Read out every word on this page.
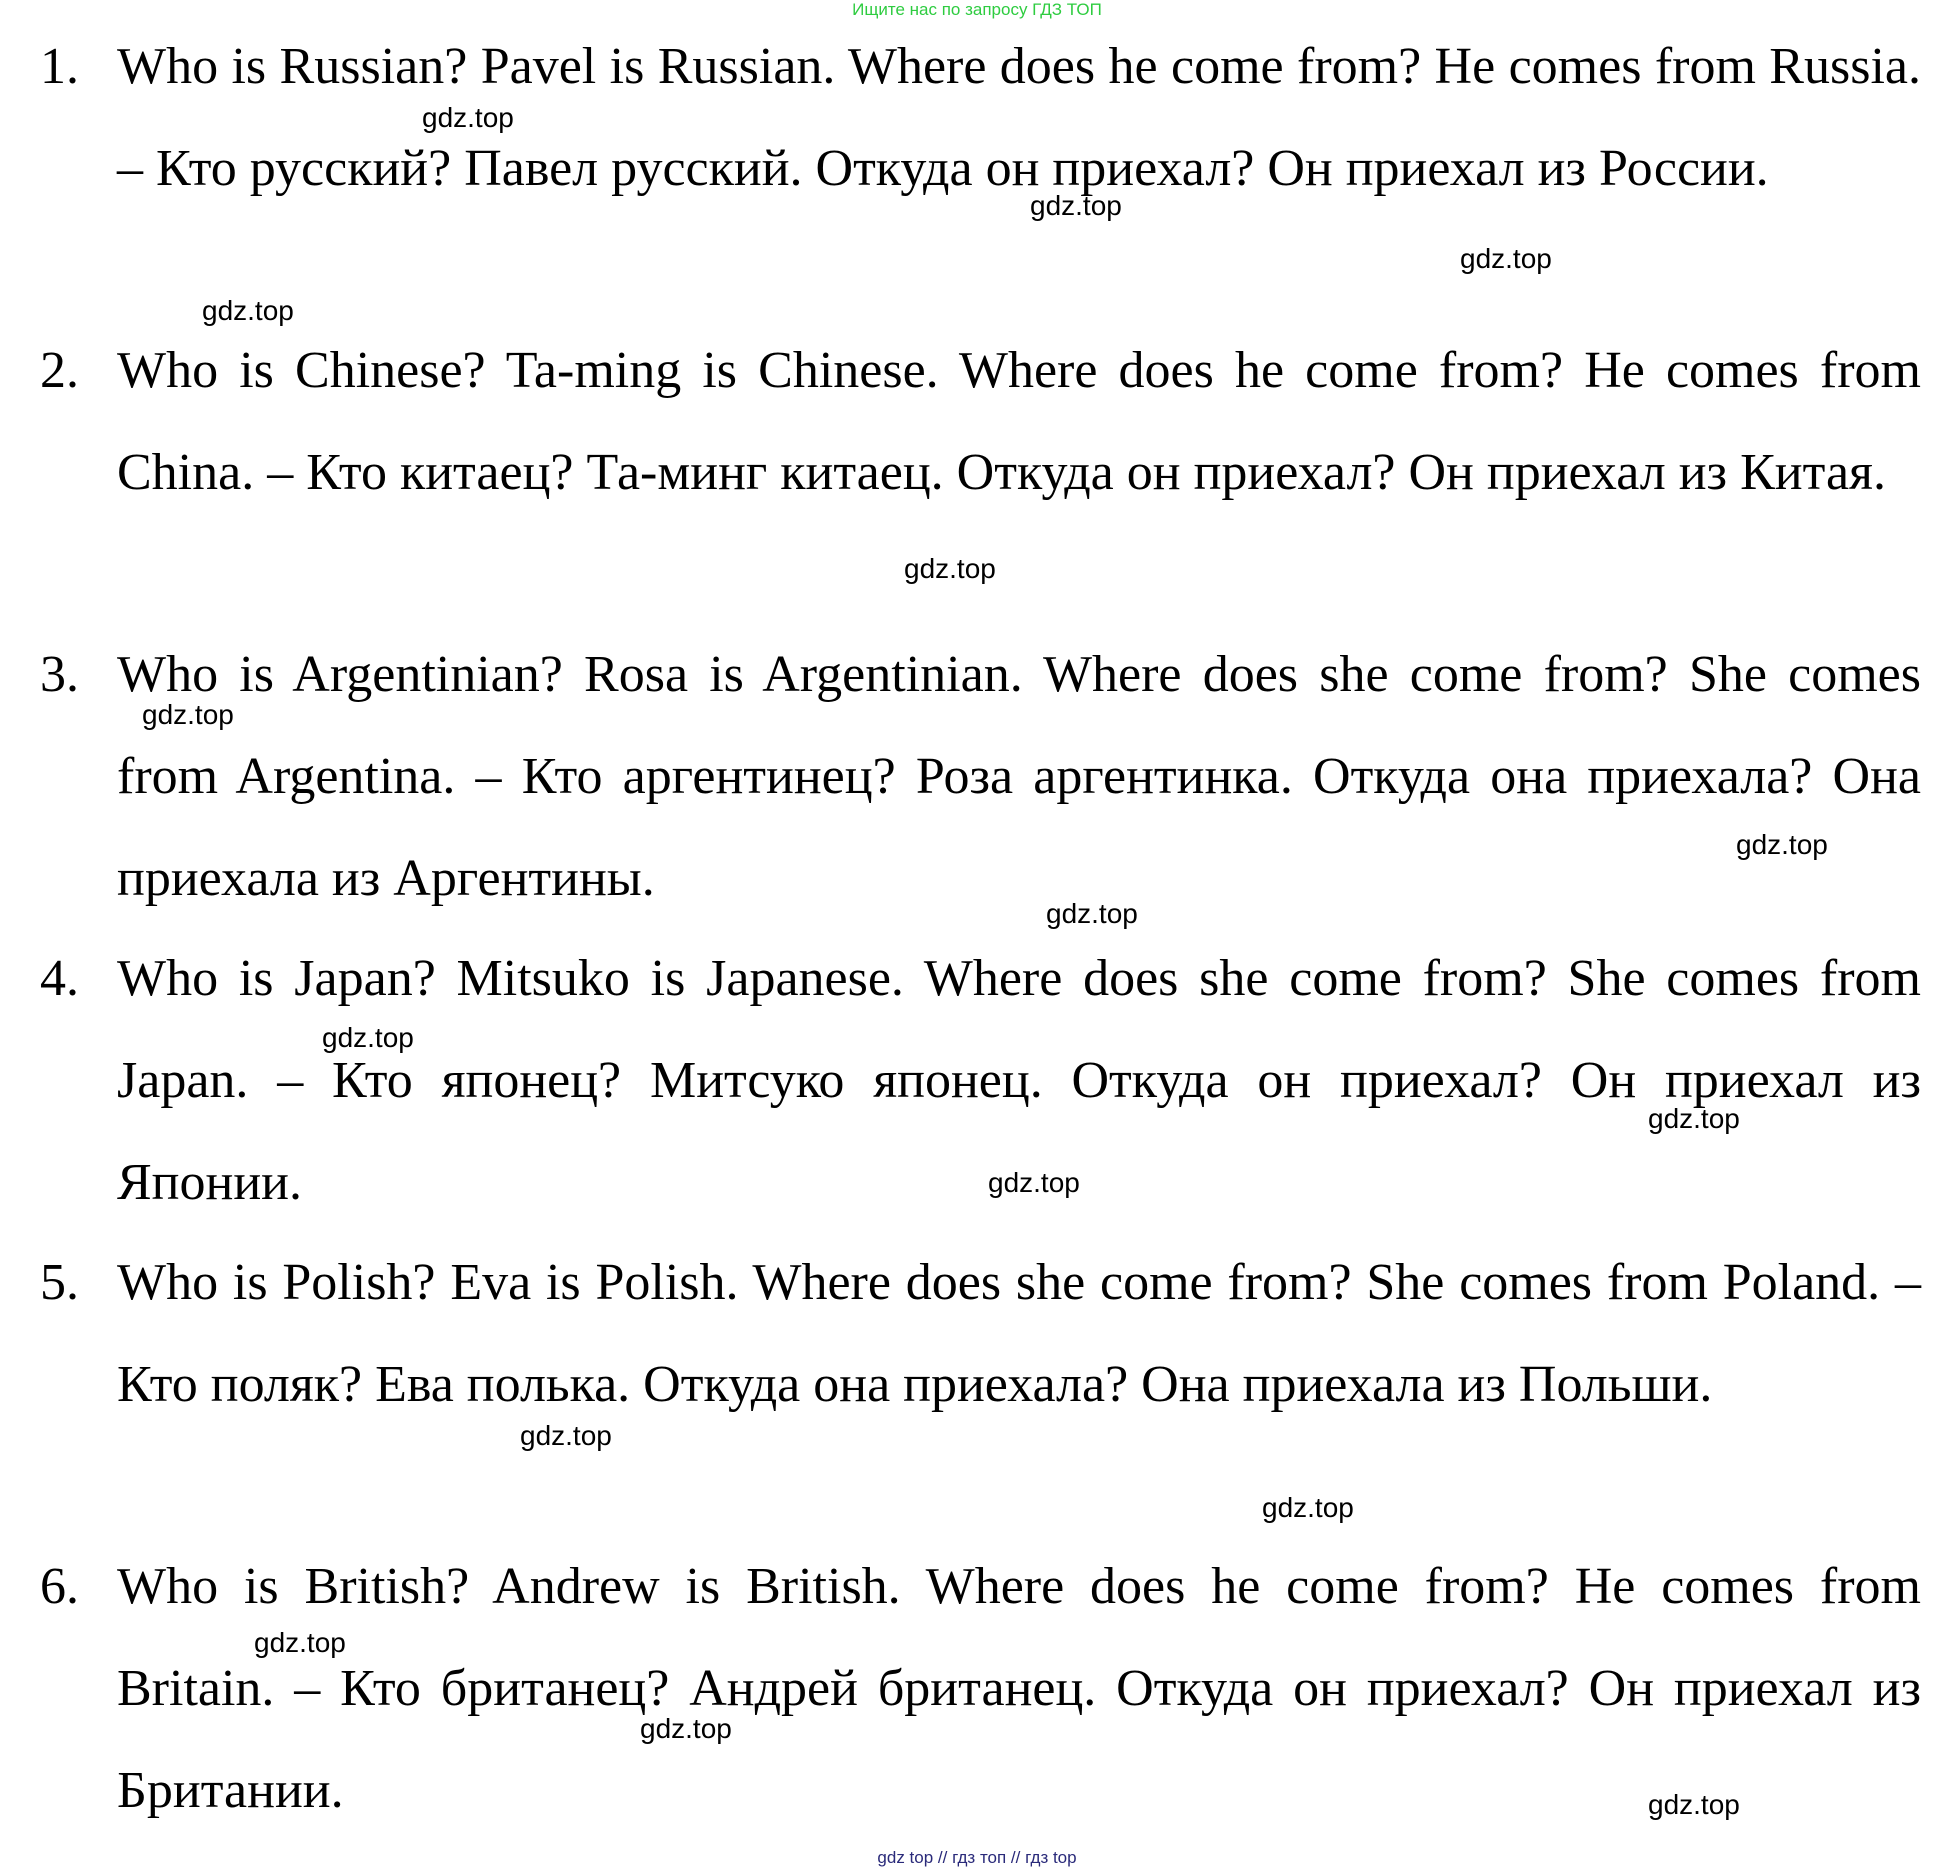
Ищите нас по запросу ГДЗ ТОП
1. Who is Russian? Pavel is Russian. Where does he come from? He comes from Russia. – Кто русский? Павел русский. Откуда он приехал? Он приехал из России.
2. Who is Chinese? Ta-ming is Chinese. Where does he come from? He comes from China. – Кто китаец? Та-минг китаец. Откуда он приехал? Он приехал из Китая.
3. Who is Argentinian? Rosa is Argentinian. Where does she come from? She comes from Argentina. – Кто аргентинец? Роза аргентинка. Откуда она приехала? Она приехала из Аргентины.
4. Who is Japan? Mitsuko is Japanese. Where does she come from? She comes from Japan. – Кто японец? Митсуко японец. Откуда он приехал? Он приехал из Японии.
5. Who is Polish? Eva is Polish. Where does she come from? She comes from Poland. – Кто поляк? Ева полька. Откуда она приехала? Она приехала из Польши.
6. Who is British? Andrew is British. Where does he come from? He comes from Britain. – Кто британец? Андрей британец. Откуда он приехал? Он приехал из Британии.
gdz.top
gdz.top
gdz.top
gdz.top
gdz.top
gdz.top
gdz.top
gdz.top
gdz.top
gdz.top
gdz.top
gdz.top
gdz.top
gdz.top
gdz.top
gdz.top
gdz top // гдз топ // гдз top
